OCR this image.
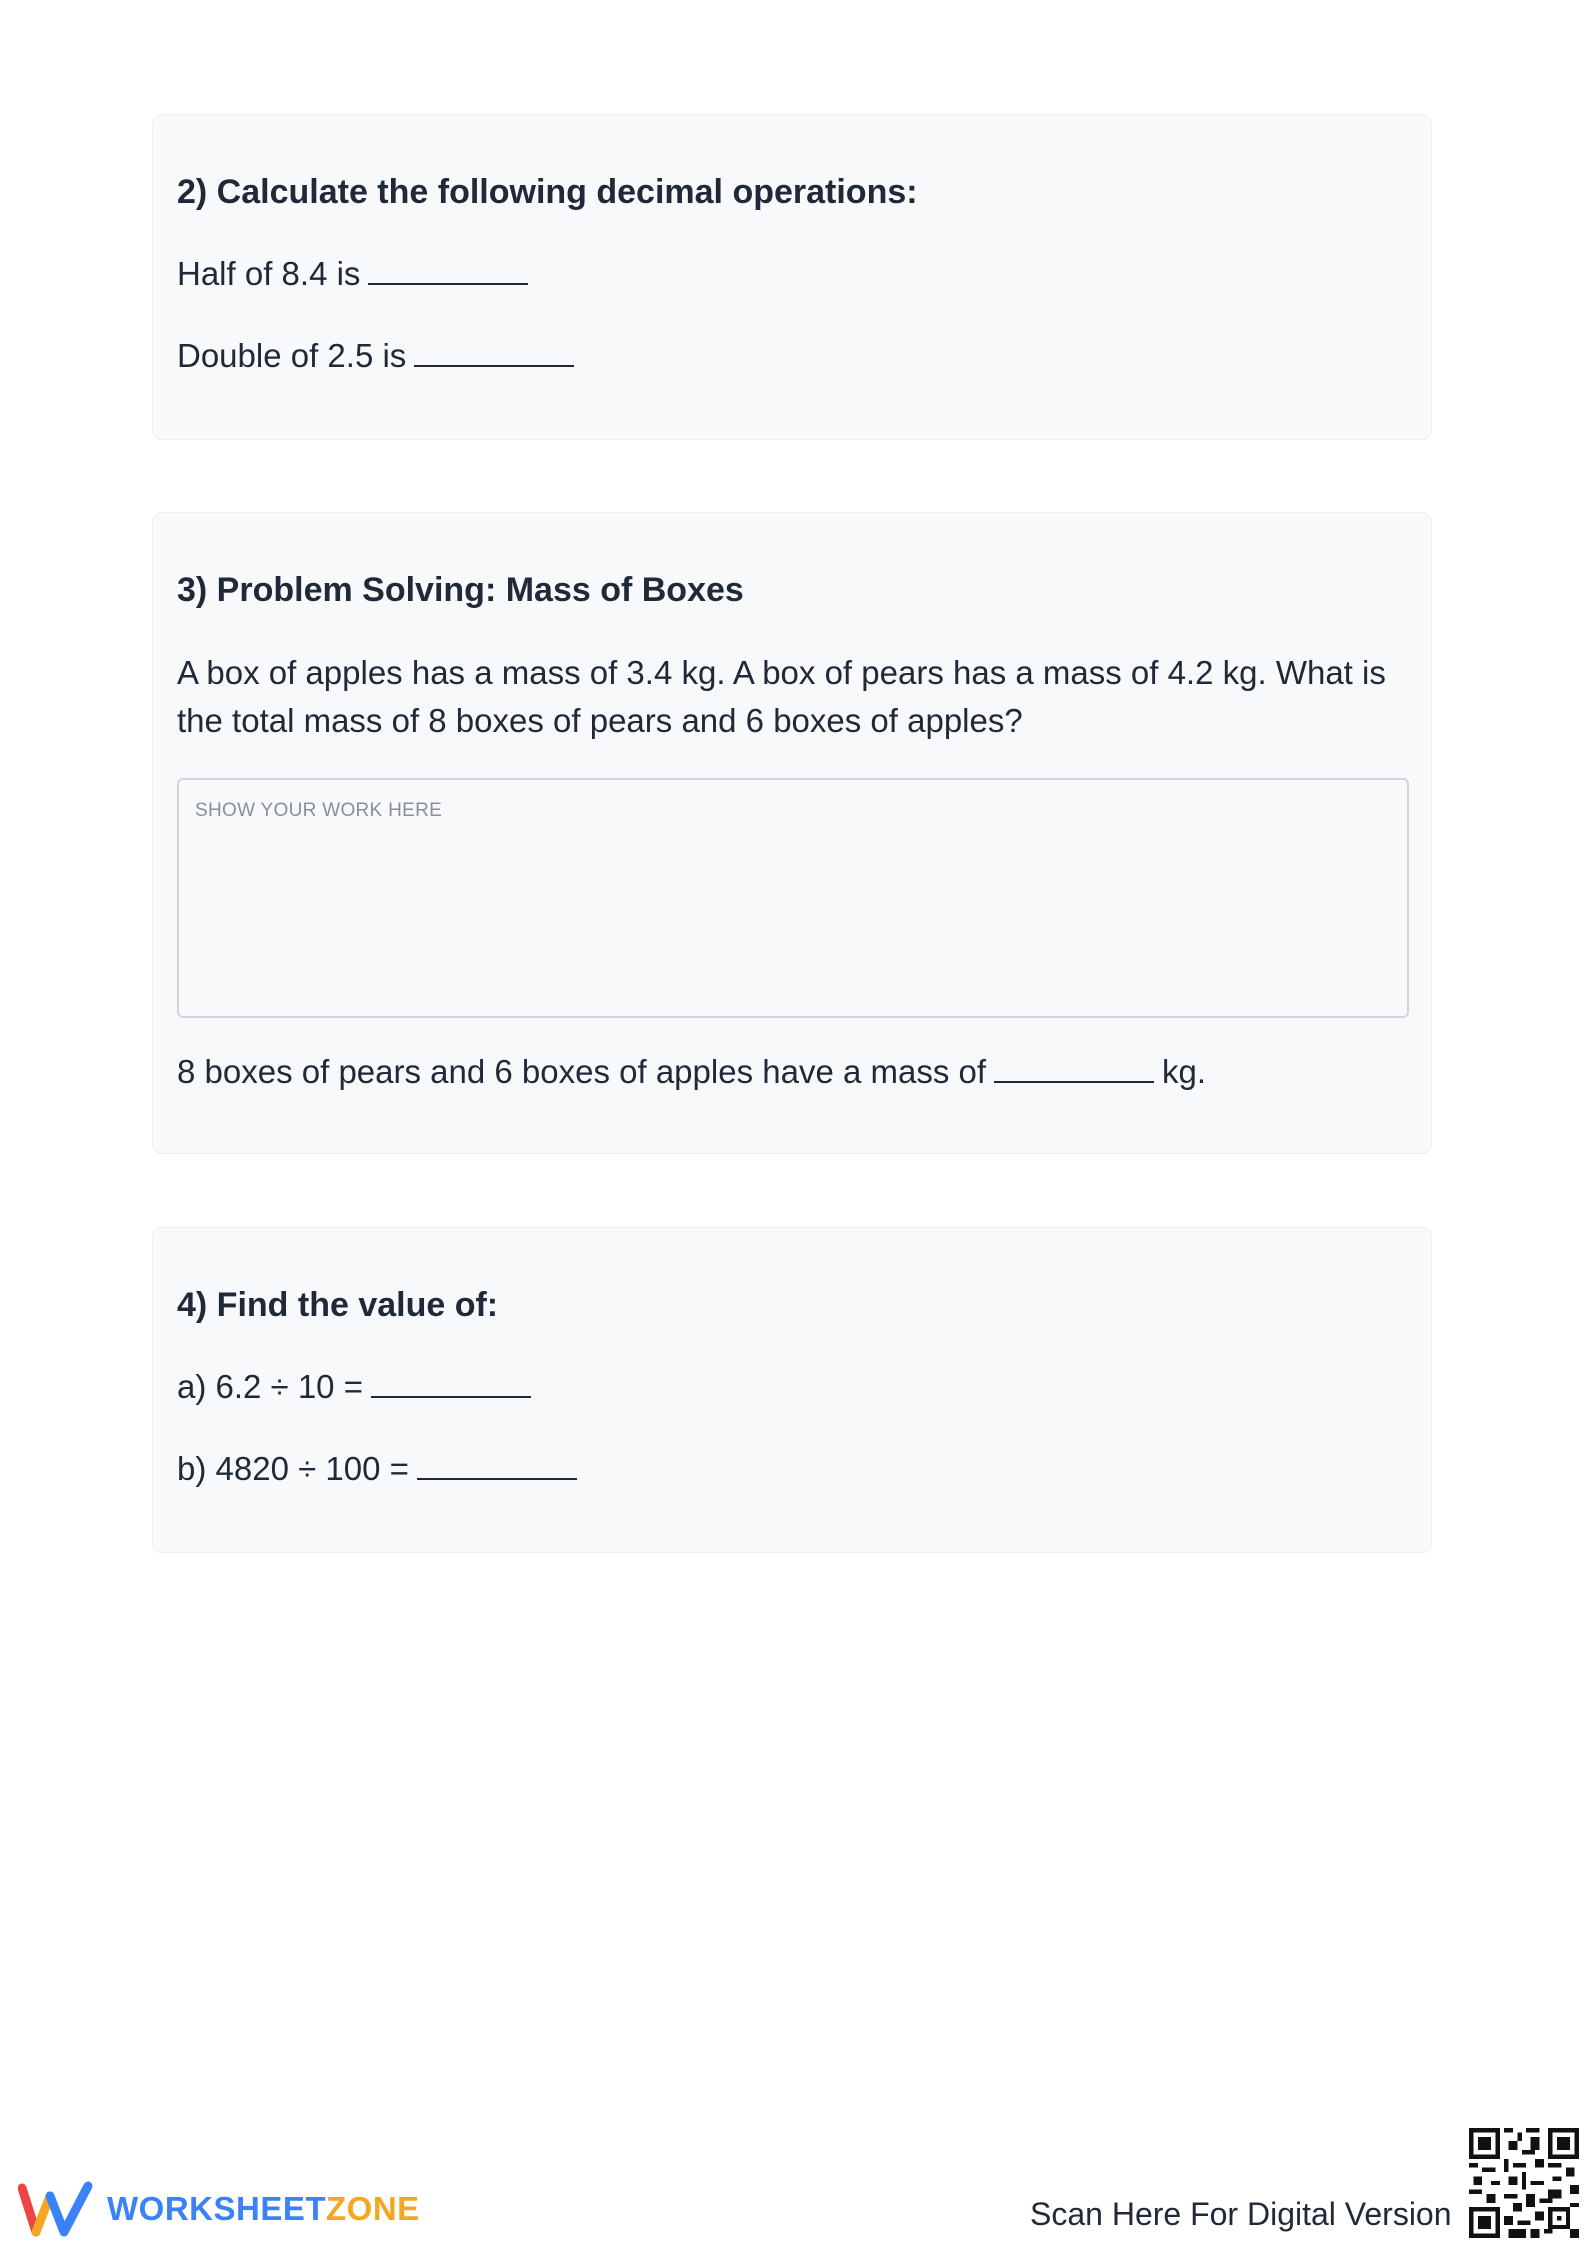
2) Calculate the following decimal operations:
Half of 8.4 is
Double of 2.5 is
3) Problem Solving: Mass of Boxes
A box of apples has a mass of 3.4 kg. A box of pears has a mass of 4.2 kg. What is the total mass of 8 boxes of pears and 6 boxes of apples?
SHOW YOUR WORK HERE
8 boxes of pears and 6 boxes of apples have a mass of	kg.
4) Find the value of:
a) 6.2 ÷ 10 =
b) 4820 ÷ 100 =
WORKSHEETZONE	Scan Here For Digital Version
